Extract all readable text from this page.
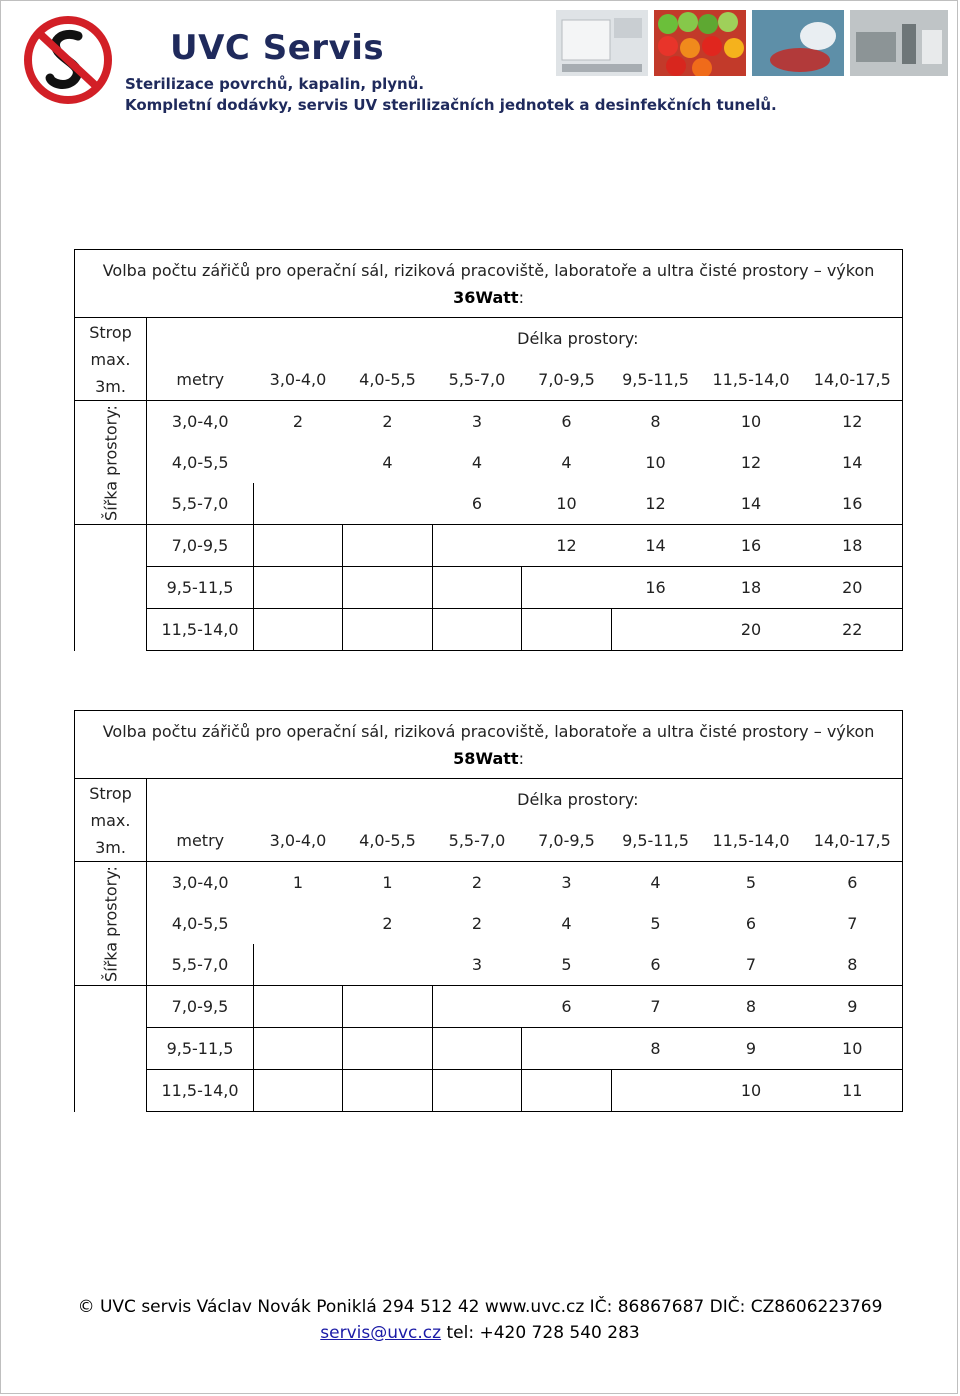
UVC Servis
Sterilizace povrchů, kapalin, plynů.
Kompletní dodávky, servis UV sterilizačních jednotek a desinfekčních tunelů.
Volba počtu zářičů pro operační sál, riziková pracoviště, laboratoře a ultra čisté prostory – výkon
36Watt:								
Strop max. 3m.		Délka prostory:						
	metry	3,0-4,0	4,0-5,5	5,5-7,0	7,0-9,5	9,5-11,5	11,5-14,0	14,0-17,5

Šířka prostory:	3,0-4,0	2	2	3	6	8	10	12
	4,0-5,5		4	4	4	10	12	14
	5,5-7,0			6	10	12	14	16
	7,0-9,5				12	14	16	18
	9,5-11,5					16	18	20
	11,5-14,0						20	22
Volba počtu zářičů pro operační sál, riziková pracoviště, laboratoře a ultra čisté prostory – výkon
58Watt:								
Strop max. 3m.		Délka prostory:						
	metry	3,0-4,0	4,0-5,5	5,5-7,0	7,0-9,5	9,5-11,5	11,5-14,0	14,0-17,5

Šířka prostory:	3,0-4,0	1	1	2	3	4	5	6
	4,0-5,5		2	2	4	5	6	7
	5,5-7,0			3	5	6	7	8
	7,0-9,5				6	7	8	9
	9,5-11,5					8	9	10
	11,5-14,0						10	11
© UVC servis Václav Novák Poniklá 294 512 42 www.uvc.cz IČ: 86867687 DIČ: CZ8606223769
servis@uvc.cz tel: +420 728 540 283
